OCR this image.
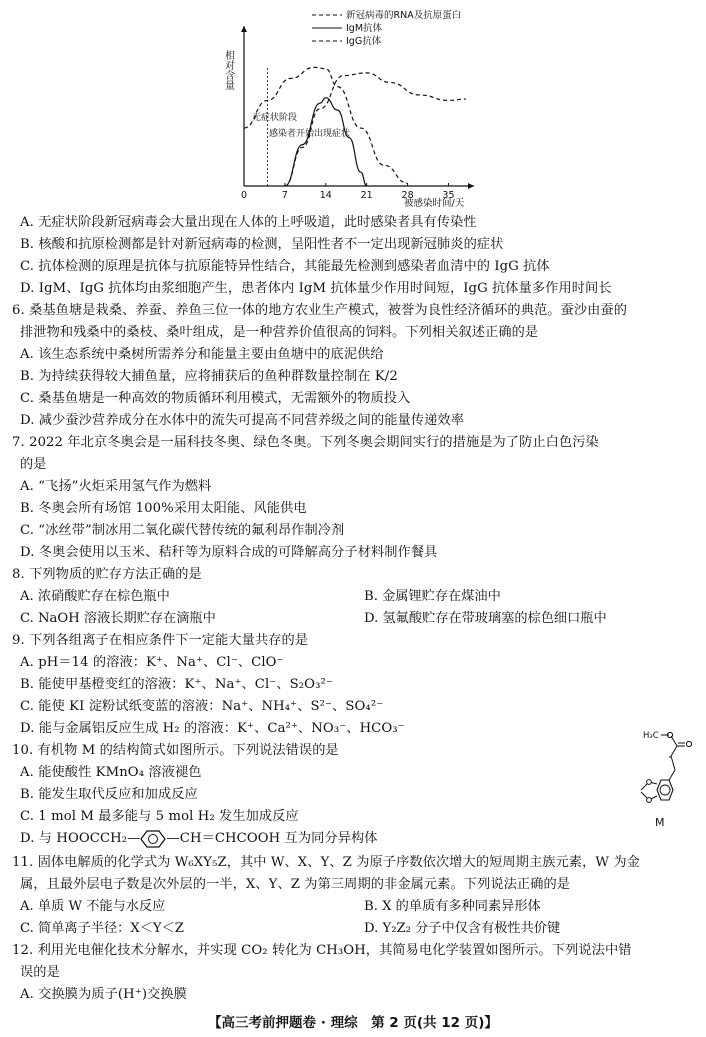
新冠病毒的RNA及抗原蛋白
IgM抗体
IgG抗体
0	7	14	21	28	35
相对含量
被感染时间/天
无症状阶段
感染者开始出现症状
A. 无症状阶段新冠病毒会大量出现在人体的上呼吸道，此时感染者具有传染性
B. 核酸和抗原检测都是针对新冠病毒的检测，呈阳性者不一定出现新冠肺炎的症状
C. 抗体检测的原理是抗体与抗原能特异性结合，其能最先检测到感染者血清中的 IgG 抗体
D. IgM、IgG 抗体均由浆细胞产生，患者体内 IgM 抗体量少作用时间短，IgG 抗体量多作用时间长
6. 桑基鱼塘是栽桑、养蚕、养鱼三位一体的地方农业生产模式，被誉为良性经济循环的典范。蚕沙由蚕的
排泄物和残桑中的桑枝、桑叶组成，是一种营养价值很高的饲料。下列相关叙述正确的是
A. 该生态系统中桑树所需养分和能量主要由鱼塘中的底泥供给
B. 为持续获得较大捕鱼量，应将捕获后的鱼种群数量控制在 K/2
C. 桑基鱼塘是一种高效的物质循环利用模式，无需额外的物质投入
D. 减少蚕沙营养成分在水体中的流失可提高不同营养级之间的能量传递效率
7. 2022 年北京冬奥会是一届科技冬奥、绿色冬奥。下列冬奥会期间实行的措施是为了防止白色污染
的是
A. “飞扬”火炬采用氢气作为燃料
B. 冬奥会所有场馆 100%采用太阳能、风能供电
C. “冰丝带”制冰用二氧化碳代替传统的氟利昂作制冷剂
D. 冬奥会使用以玉米、秸秆等为原料合成的可降解高分子材料制作餐具
8. 下列物质的贮存方法正确的是
A. 浓硝酸贮存在棕色瓶中	B. 金属锂贮存在煤油中
C. NaOH 溶液长期贮存在滴瓶中	D. 氢氟酸贮存在带玻璃塞的棕色细口瓶中
9. 下列各组离子在相应条件下一定能大量共存的是
A. pH＝14 的溶液：K⁺、Na⁺、Cl⁻、ClO⁻
B. 能使甲基橙变红的溶液：K⁺、Na⁺、Cl⁻、S₂O₃²⁻
C. 能使 KI 淀粉试纸变蓝的溶液：Na⁺、NH₄⁺、S²⁻、SO₄²⁻
D. 能与金属铝反应生成 H₂ 的溶液：K⁺、Ca²⁺、NO₃⁻、HCO₃⁻
10. 有机物 M 的结构简式如图所示。下列说法错误的是
A. 能使酸性 KMnO₄ 溶液褪色
B. 能发生取代反应和加成反应
C. 1 mol M 最多能与 5 mol H₂ 发生加成反应
D. 与 HOOCCH₂— —CH＝CHCOOH 互为同分异构体
H₃C
M
11. 固体电解质的化学式为 W₆XY₅Z，其中 W、X、Y、Z 为原子序数依次增大的短周期主族元素，W 为金
属，且最外层电子数是次外层的一半，X、Y、Z 为第三周期的非金属元素。下列说法正确的是
A. 单质 W 不能与水反应	B. X 的单质有多种同素异形体
C. 简单离子半径：X＜Y＜Z	D. Y₂Z₂ 分子中仅含有极性共价键
12. 利用光电催化技术分解水，并实现 CO₂ 转化为 CH₃OH，其简易电化学装置如图所示。下列说法中错
误的是
A. 交换膜为质子(H⁺)交换膜
【高三考前押题卷 · 理综　第 2 页(共 12 页)】
